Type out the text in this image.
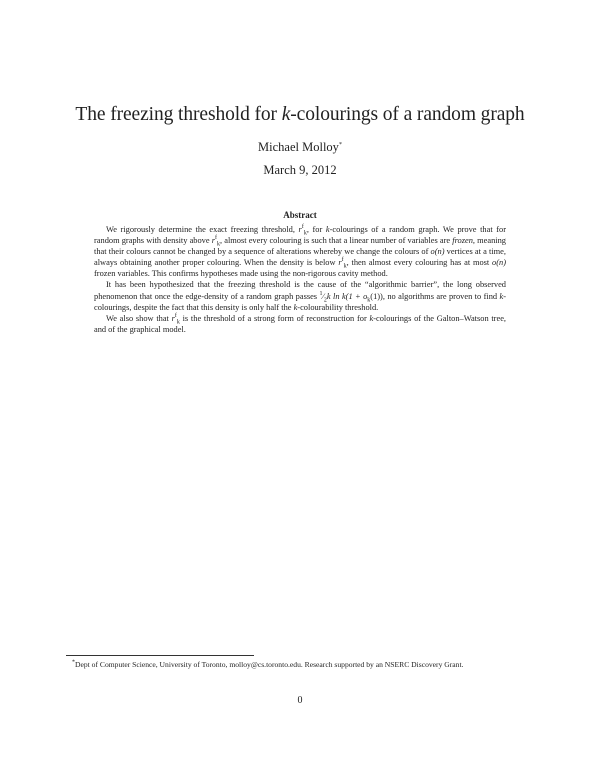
The freezing threshold for k-colourings of a random graph
Michael Molloy*
March 9, 2012
Abstract

We rigorously determine the exact freezing threshold, $r^f_k$, for k-colourings of a random graph. We prove that for random graphs with density above $r^f_k$, almost every colouring is such that a linear number of variables are frozen, meaning that their colours cannot be changed by a sequence of alterations whereby we change the colours of o(n) vertices at a time, always obtaining another proper colouring. When the density is below $r^f_k$, then almost every colouring has at most o(n) frozen variables. This confirms hypotheses made using the non-rigorous cavity method.

It has been hypothesized that the freezing threshold is the cause of the “algorithmic barrier”, the long observed phenomenon that once the edge-density of a random graph passes $^1⁄_2k$ $\ln k(1 + o_k(1))$, no algorithms are proven to find k-colourings, despite the fact that this density is only half the k-colourability threshold.

We also show that $r^f_k$ is the threshold of a strong form of reconstruction for k-colourings of the Galton–Watson tree, and of the graphical model.

*Dept of Computer Science, University of Toronto, molloy@cs.toronto.edu. Research supported by an NSERC Discovery Grant.
0
